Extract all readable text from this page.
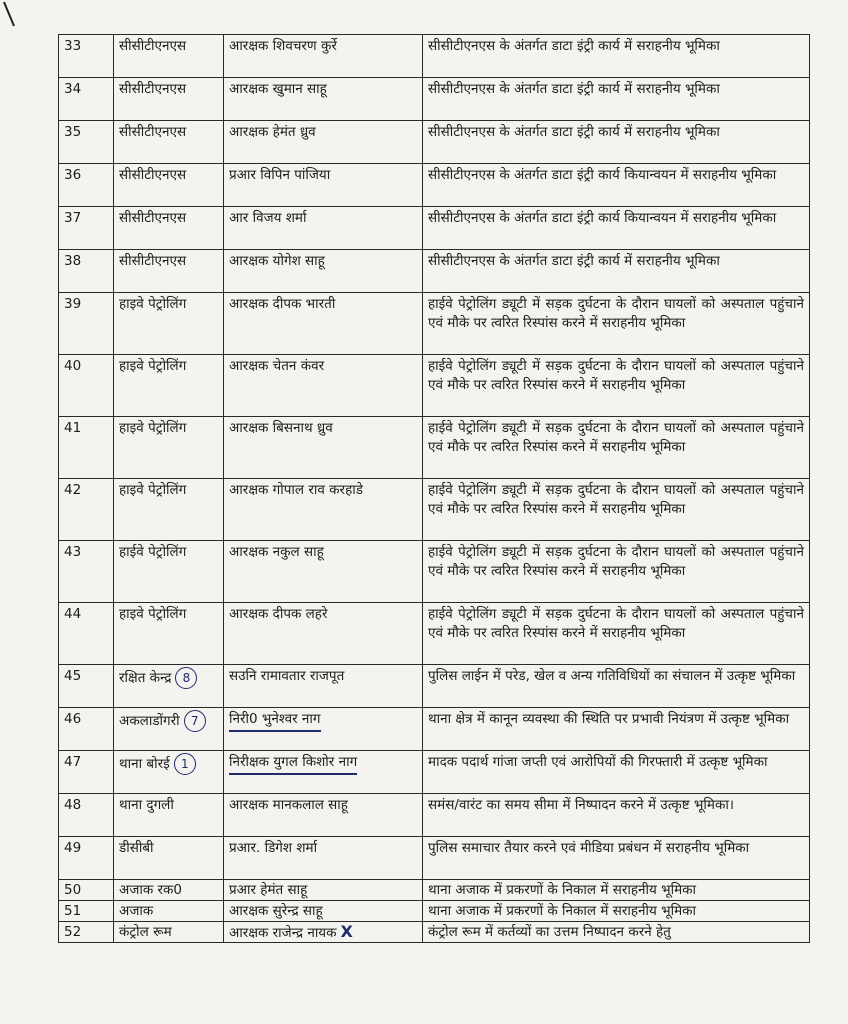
33	सीसीटीएनएस	आरक्षक शिवचरण कुर्रे	सीसीटीएनएस के अंतर्गत डाटा इंट्री कार्य में सराहनीय भूमिका
34	सीसीटीएनएस	आरक्षक खुमान साहू	सीसीटीएनएस के अंतर्गत डाटा इंट्री कार्य में सराहनीय भूमिका
35	सीसीटीएनएस	आरक्षक हेमंत ध्रुव	सीसीटीएनएस के अंतर्गत डाटा इंट्री कार्य में सराहनीय भूमिका
36	सीसीटीएनएस	प्रआर विपिन पांजिया	सीसीटीएनएस के अंतर्गत डाटा इंट्री कार्य कियान्वयन में सराहनीय भूमिका
37	सीसीटीएनएस	आर विजय शर्मा	सीसीटीएनएस के अंतर्गत डाटा इंट्री कार्य कियान्वयन में सराहनीय भूमिका
38	सीसीटीएनएस	आरक्षक योगेश साहू	सीसीटीएनएस के अंतर्गत डाटा इंट्री कार्य में सराहनीय भूमिका
39	हाइवे पेट्रोलिंग	आरक्षक दीपक भारती	हाईवे पेट्रोलिंग ड्यूटी में सड़क दुर्घटना के दौरान घायलों को अस्पताल पहुंचाने एवं मौके पर त्वरित रिस्पांस करने में सराहनीय भूमिका
40	हाइवे पेट्रोलिंग	आरक्षक चेतन कंवर	हाईवे पेट्रोलिंग ड्यूटी में सड़क दुर्घटना के दौरान घायलों को अस्पताल पहुंचाने एवं मौके पर त्वरित रिस्पांस करने में सराहनीय भूमिका
41	हाइवे पेट्रोलिंग	आरक्षक बिसनाथ ध्रुव	हाईवे पेट्रोलिंग ड्यूटी में सड़क दुर्घटना के दौरान घायलों को अस्पताल पहुंचाने एवं मौके पर त्वरित रिस्पांस करने में सराहनीय भूमिका
42	हाइवे पेट्रोलिंग	आरक्षक गोपाल राव करहाडे	हाईवे पेट्रोलिंग ड्यूटी में सड़क दुर्घटना के दौरान घायलों को अस्पताल पहुंचाने एवं मौके पर त्वरित रिस्पांस करने में सराहनीय भूमिका
43	हाईवे पेट्रोलिंग	आरक्षक नकुल साहू	हाईवे पेट्रोलिंग ड्यूटी में सड़क दुर्घटना के दौरान घायलों को अस्पताल पहुंचाने एवं मौके पर त्वरित रिस्पांस करने में सराहनीय भूमिका
44	हाइवे पेट्रोलिंग	आरक्षक दीपक लहरे	हाईवे पेट्रोलिंग ड्यूटी में सड़क दुर्घटना के दौरान घायलों को अस्पताल पहुंचाने एवं मौके पर त्वरित रिस्पांस करने में सराहनीय भूमिका
45	रक्षित केन्द्र 8	सउनि रामावतार राजपूत	पुलिस लाईन में परेड, खेल व अन्य गतिविधियों का संचालन में उत्कृष्ट भूमिका
46	अकलाडोंगरी 7	निरी0 भुनेश्वर नाग	थाना क्षेत्र में कानून व्यवस्था की स्थिति पर प्रभावी नियंत्रण में उत्कृष्ट भूमिका
47	थाना बोरई 1	निरीक्षक युगल किशोर नाग	मादक पदार्थ गांजा जप्ती एवं आरोपियों की गिरफ्तारी में उत्कृष्ट भूमिका
48	थाना दुगली	आरक्षक मानकलाल साहू	समंस/वारंट का समय सीमा में निष्पादन करने में उत्कृष्ट भूमिका।
49	डीसीबी	प्रआर. डिगेश शर्मा	पुलिस समाचार तैयार करने एवं मीडिया प्रबंधन में सराहनीय भूमिका
50	अजाक रक0	प्रआर हेमंत साहू	थाना अजाक में प्रकरणों के निकाल में सराहनीय भूमिका
51	अजाक	आरक्षक सुरेन्द्र साहू	थाना अजाक में प्रकरणों के निकाल में सराहनीय भूमिका
52	कंट्रोल रूम	आरक्षक राजेन्द्र नायक X	कंट्रोल रूम में कर्तव्यों का उत्तम निष्पादन करने हेतु
